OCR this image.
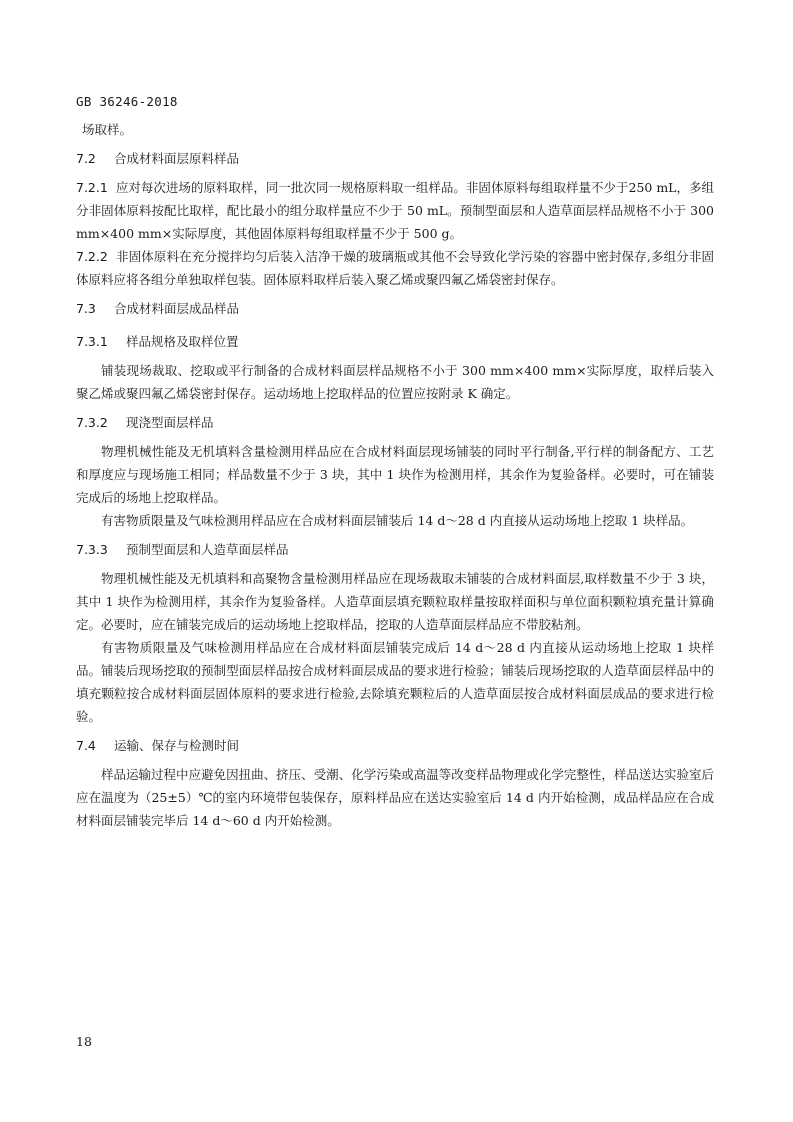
GB 36246-2018

场取样。

7.2	合成材料面层原料样品

7.2.1 应对每次进场的原料取样，同一批次同一规格原料取一组样品。非固体原料每组取样量不少于250 mL，多组分非固体原料按配比取样，配比最小的组分取样量应不少于 50 mL。预制型面层和人造草面层样品规格不小于 300 mm×400 mm×实际厚度，其他固体原料每组取样量不少于 500 g。

7.2.2 非固体原料在充分搅拌均匀后装入洁净干燥的玻璃瓶或其他不会导致化学污染的容器中密封保存,多组分非固体原料应将各组分单独取样包装。固体原料取样后装入聚乙烯或聚四氟乙烯袋密封保存。

7.3	合成材料面层成品样品
7.3.1	样品规格及取样位置

铺装现场裁取、挖取或平行制备的合成材料面层样品规格不小于 300 mm×400 mm×实际厚度，取样后装入聚乙烯或聚四氟乙烯袋密封保存。运动场地上挖取样品的位置应按附录 K 确定。

7.3.2	现浇型面层样品

物理机械性能及无机填料含量检测用样品应在合成材料面层现场铺装的同时平行制备,平行样的制备配方、工艺和厚度应与现场施工相同；样品数量不少于 3 块，其中 1 块作为检测用样，其余作为复验备样。必要时，可在铺装完成后的场地上挖取样品。

有害物质限量及气味检测用样品应在合成材料面层铺装后 14 d～28 d 内直接从运动场地上挖取 1 块样品。

7.3.3	预制型面层和人造草面层样品

物理机械性能及无机填料和高聚物含量检测用样品应在现场裁取未铺装的合成材料面层,取样数量不少于 3 块，其中 1 块作为检测用样，其余作为复验备样。人造草面层填充颗粒取样量按取样面积与单位面积颗粒填充量计算确定。必要时，应在铺装完成后的运动场地上挖取样品，挖取的人造草面层样品应不带胶粘剂。

有害物质限量及气味检测用样品应在合成材料面层铺装完成后 14 d～28 d 内直接从运动场地上挖取 1 块样品。铺装后现场挖取的预制型面层样品按合成材料面层成品的要求进行检验；铺装后现场挖取的人造草面层样品中的填充颗粒按合成材料面层固体原料的要求进行检验,去除填充颗粒后的人造草面层按合成材料面层成品的要求进行检验。

7.4	运输、保存与检测时间

样品运输过程中应避免因扭曲、挤压、受潮、化学污染或高温等改变样品物理或化学完整性，样品送达实验室后应在温度为（25±5）℃的室内环境带包装保存，原料样品应在送达实验室后 14 d 内开始检测，成品样品应在合成材料面层铺装完毕后 14 d～60 d 内开始检测。

18
